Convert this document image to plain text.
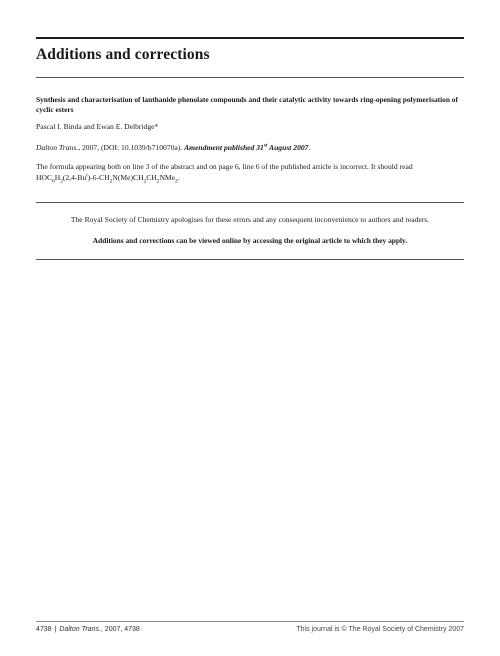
Additions and corrections
Synthesis and characterisation of lanthanide phenolate compounds and their catalytic activity towards ring-opening polymerisation of cyclic esters
Pascal I. Binda and Ewan E. Delbridge*
Dalton Trans., 2007, (DOI: 10.1039/b710070a). Amendment published 31st August 2007.
The formula appearing both on line 3 of the abstract and on page 6, line 6 of the published article is incorrect. It should read
$HOC_6H_2(2,4-Bu^t)-6-CH_2N(Me)CH_2CH_2NMe_2$.
The Royal Society of Chemistry apologises for these errors and any consequent inconvenience to authors and readers.
Additions and corrections can be viewed online by accessing the original article to which they apply.
4738 | Dalton Trans., 2007, 4738	This journal is © The Royal Society of Chemistry 2007
